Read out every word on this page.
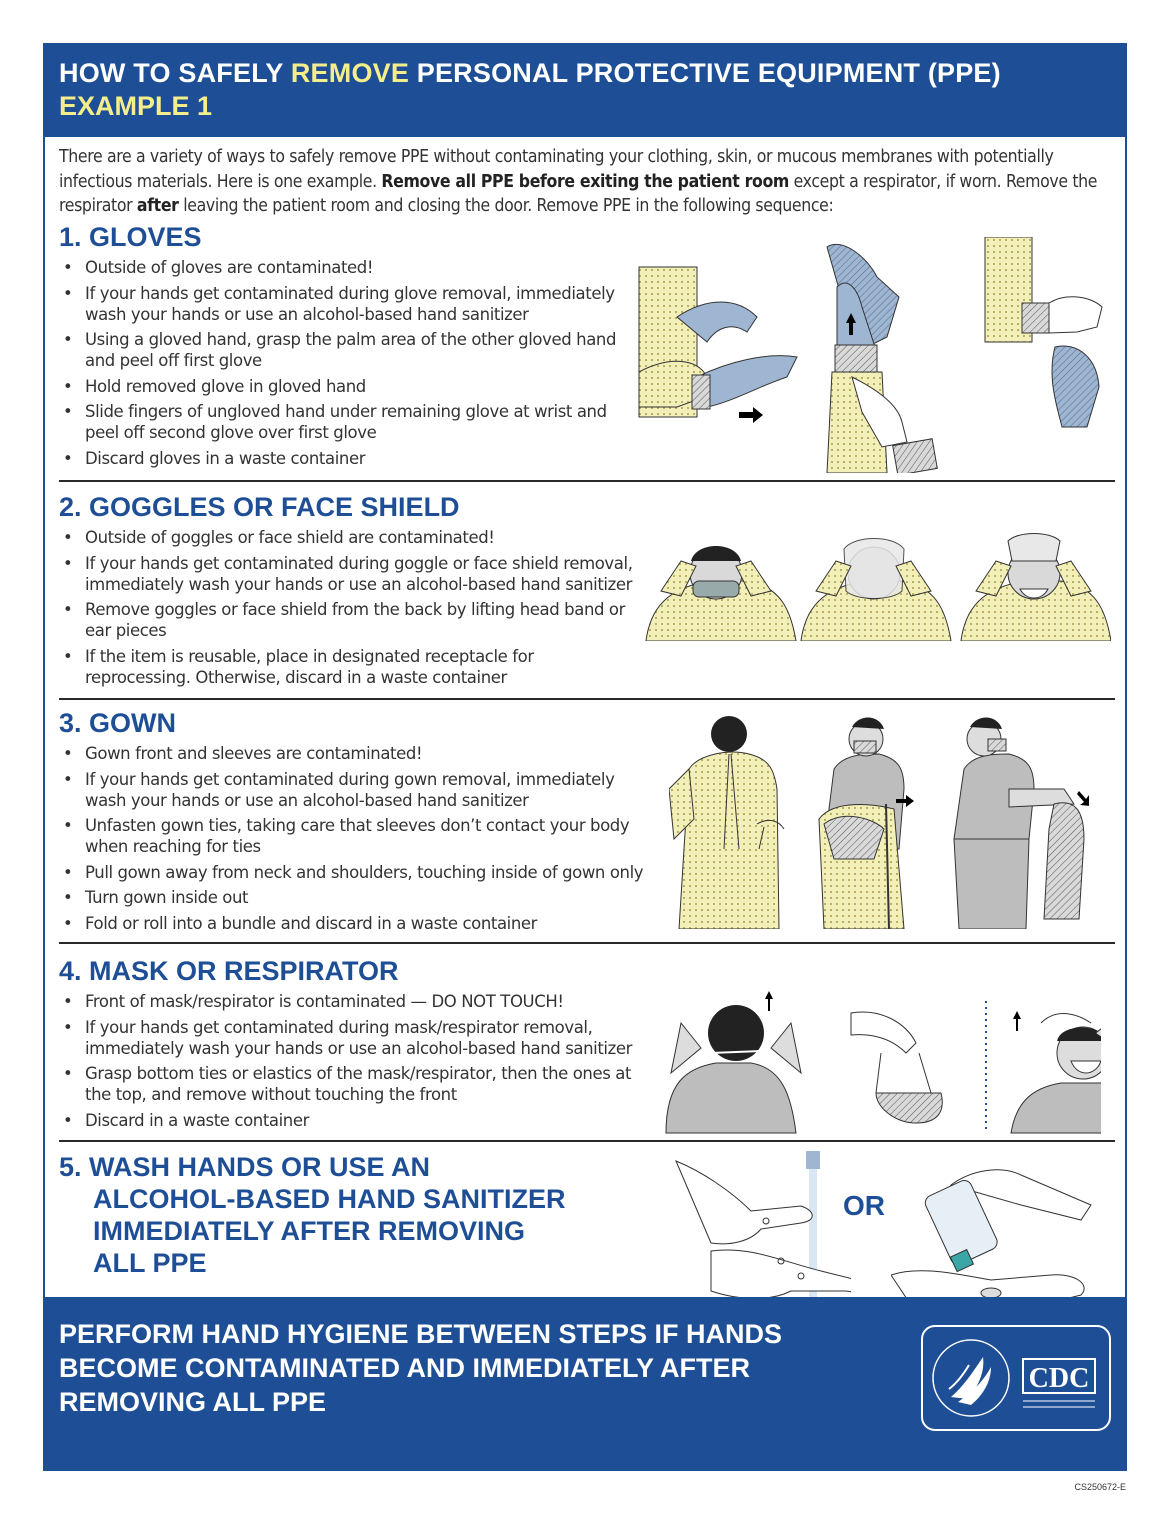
HOW TO SAFELY REMOVE PERSONAL PROTECTIVE EQUIPMENT (PPE)
EXAMPLE 1
There are a variety of ways to safely remove PPE without contaminating your clothing, skin, or mucous membranes with potentially infectious materials. Here is one example. Remove all PPE before exiting the patient room except a respirator, if worn. Remove the respirator after leaving the patient room and closing the door. Remove PPE in the following sequence:
1. GLOVES
• Outside of gloves are contaminated!
• If your hands get contaminated during glove removal, immediately wash your hands or use an alcohol-based hand sanitizer
• Using a gloved hand, grasp the palm area of the other gloved hand and peel off first glove
• Hold removed glove in gloved hand
• Slide fingers of ungloved hand under remaining glove at wrist and peel off second glove over first glove
• Discard gloves in a waste container
2. GOGGLES OR FACE SHIELD
• Outside of goggles or face shield are contaminated!
• If your hands get contaminated during goggle or face shield removal, immediately wash your hands or use an alcohol-based hand sanitizer
• Remove goggles or face shield from the back by lifting head band or ear pieces
• If the item is reusable, place in designated receptacle for reprocessing. Otherwise, discard in a waste container
3. GOWN
• Gown front and sleeves are contaminated!
• If your hands get contaminated during gown removal, immediately wash your hands or use an alcohol-based hand sanitizer
• Unfasten gown ties, taking care that sleeves don’t contact your body when reaching for ties
• Pull gown away from neck and shoulders, touching inside of gown only
• Turn gown inside out
• Fold or roll into a bundle and discard in a waste container
4. MASK OR RESPIRATOR
• Front of mask/respirator is contaminated — DO NOT TOUCH!
• If your hands get contaminated during mask/respirator removal, immediately wash your hands or use an alcohol-based hand sanitizer
• Grasp bottom ties or elastics of the mask/respirator, then the ones at the top, and remove without touching the front
• Discard in a waste container
5. WASH HANDS OR USE AN
ALCOHOL-BASED HAND SANITIZER
IMMEDIATELY AFTER REMOVING
ALL PPE
OR
PERFORM HAND HYGIENE BETWEEN STEPS IF HANDS BECOME CONTAMINATED AND IMMEDIATELY AFTER REMOVING ALL PPE
CDC
CS250672-E
